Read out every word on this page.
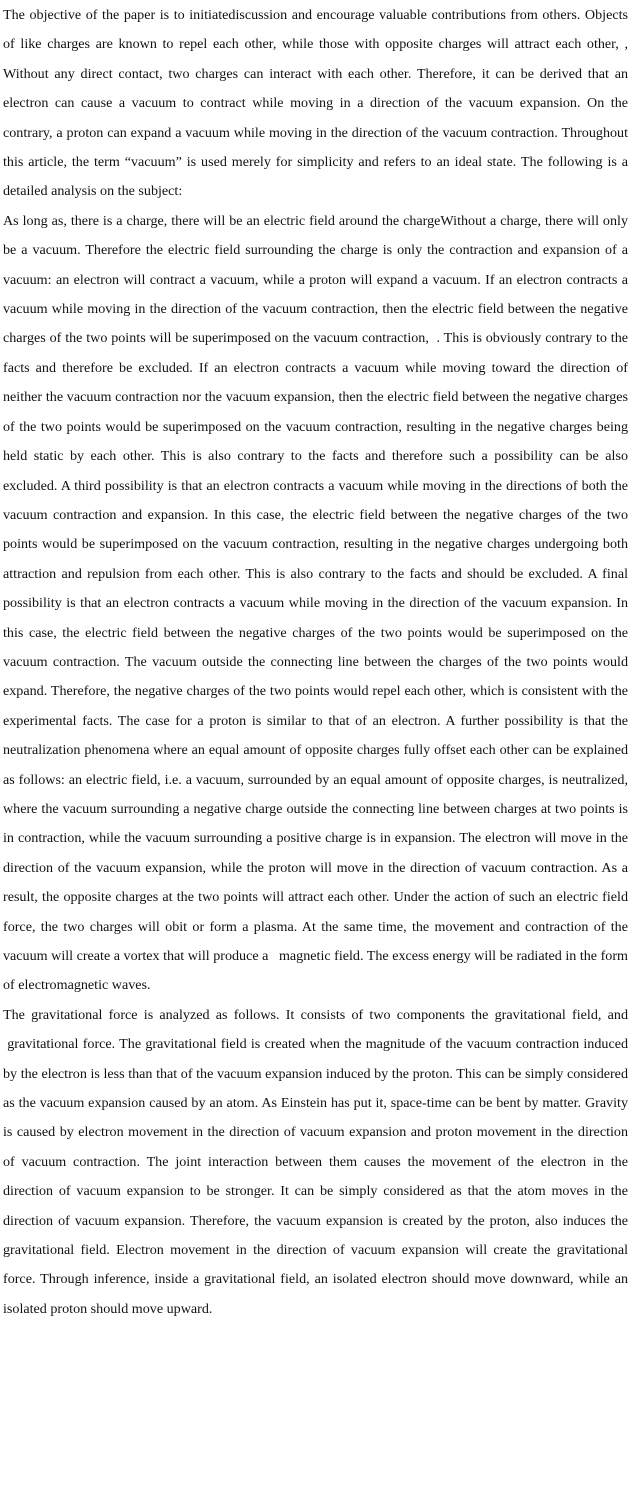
The objective of the paper is to initiatediscussion and encourage valuable contributions from others. Objects of like charges are known to repel each other, while those with opposite charges will attract each other, , Without any direct contact, two charges can interact with each other. Therefore, it can be derived that an electron can cause a vacuum to contract while moving in a direction of the vacuum expansion. On the contrary, a proton can expand a vacuum while moving in the direction of the vacuum contraction. Throughout this article, the term “vacuum” is used merely for simplicity and refers to an ideal state. The following is a detailed analysis on the subject:

As long as, there is a charge, there will be an electric field around the chargeWithout a charge, there will only be a vacuum. Therefore the electric field surrounding the charge is only the contraction and expansion of a vacuum: an electron will contract a vacuum, while a proton will expand a vacuum. If an electron contracts a vacuum while moving in the direction of the vacuum contraction, then the electric field between the negative charges of the two points will be superimposed on the vacuum contraction,  . This is obviously contrary to the facts and therefore be excluded. If an electron contracts a vacuum while moving toward the direction of neither the vacuum contraction nor the vacuum expansion, then the electric field between the negative charges of the two points would be superimposed on the vacuum contraction, resulting in the negative charges being held static by each other. This is also contrary to the facts and therefore such a possibility can be also excluded. A third possibility is that an electron contracts a vacuum while moving in the directions of both the vacuum contraction and expansion. In this case, the electric field between the negative charges of the two points would be superimposed on the vacuum contraction, resulting in the negative charges undergoing both attraction and repulsion from each other. This is also contrary to the facts and should be excluded. A final possibility is that an electron contracts a vacuum while moving in the direction of the vacuum expansion. In this case, the electric field between the negative charges of the two points would be superimposed on the vacuum contraction. The vacuum outside the connecting line between the charges of the two points would expand. Therefore, the negative charges of the two points would repel each other, which is consistent with the experimental facts. The case for a proton is similar to that of an electron. A further possibility is that the neutralization phenomena where an equal amount of opposite charges fully offset each other can be explained as follows: an electric field, i.e. a vacuum, surrounded by an equal amount of opposite charges, is neutralized, where the vacuum surrounding a negative charge outside the connecting line between charges at two points is in contraction, while the vacuum surrounding a positive charge is in expansion. The electron will move in the direction of the vacuum expansion, while the proton will move in the direction of vacuum contraction. As a result, the opposite charges at the two points will attract each other. Under the action of such an electric field force, the two charges will obit or form a plasma. At the same time, the movement and contraction of the vacuum will create a vortex that will produce a   magnetic field. The excess energy will be radiated in the form of electromagnetic waves.

The gravitational force is analyzed as follows. It consists of two components the gravitational field, and  gravitational force. The gravitational field is created when the magnitude of the vacuum contraction induced by the electron is less than that of the vacuum expansion induced by the proton. This can be simply considered as the vacuum expansion caused by an atom. As Einstein has put it, space-time can be bent by matter. Gravity is caused by electron movement in the direction of vacuum expansion and proton movement in the direction of vacuum contraction. The joint interaction between them causes the movement of the electron in the direction of vacuum expansion to be stronger. It can be simply considered as that the atom moves in the direction of vacuum expansion. Therefore, the vacuum expansion is created by the proton, also induces the gravitational field. Electron movement in the direction of vacuum expansion will create the gravitational force. Through inference, inside a gravitational field, an isolated electron should move downward, while an isolated proton should move upward.
